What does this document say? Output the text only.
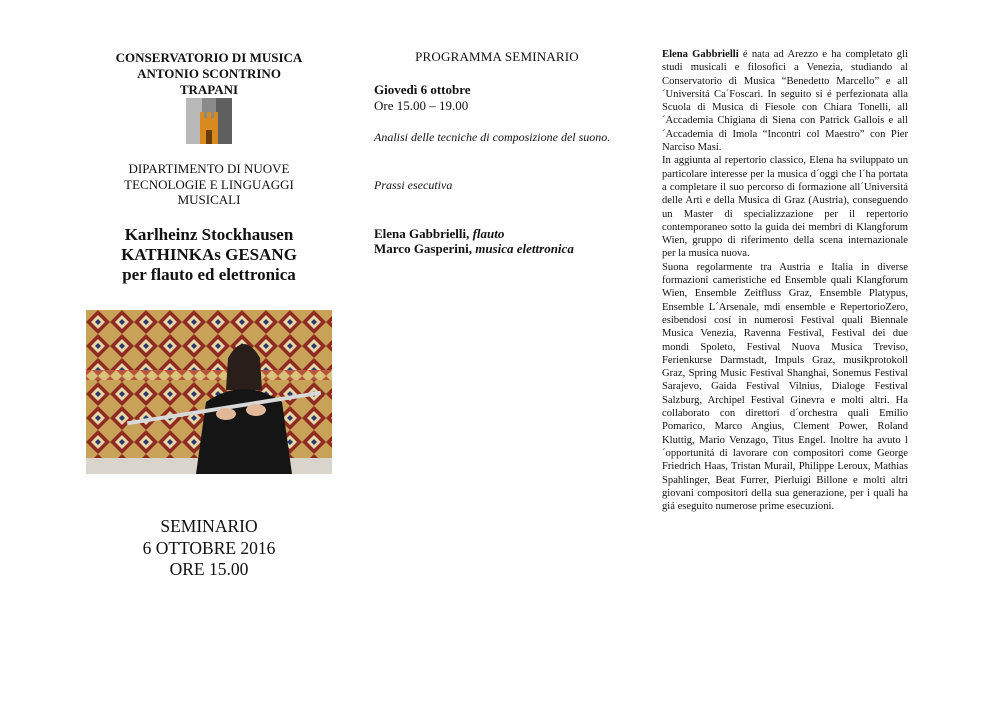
CONSERVATORIO DI MUSICA
ANTONIO SCONTRINO
TRAPANI
DIPARTIMENTO DI NUOVE
TECNOLOGIE E LINGUAGGI
MUSICALI
Karlheinz Stockhausen
KATHINKAs GESANG
per flauto ed elettronica
SEMINARIO
6 OTTOBRE 2016
ORE 15.00
PROGRAMMA SEMINARIO
Giovedì 6 ottobre
Ore 15.00 – 19.00
Analisi delle tecniche di composizione del suono.
Prassi esecutiva
Elena Gabbrielli, flauto
Marco Gasperini, musica elettronica

Elena Gabbrielli é nata ad Arezzo e ha completato gli studi musicali e filosofici a Venezia, studiando al Conservatorio di Musica “Benedetto Marcello” e all´Universitá Ca´Foscari. In seguito si é perfezionata alla Scuola di Musica di Fiesole con Chiara Tonelli, all´Accademia Chigiana di Siena con Patrick Gallois e all´Accademia di Imola “Incontri col Maestro” con Pier Narciso Masi.

In aggiunta al repertorio classico, Elena ha sviluppato un particolare interesse per la musica d´oggi che l´ha portata a completare il suo percorso di formazione all´Universitá delle Arti e della Musica di Graz (Austria), conseguendo un Master di specializzazione per il repertorio contemporaneo sotto la guida dei membri di Klangforum Wien, gruppo di riferimento della scena internazionale per la musica nuova.

Suona regolarmente tra Austria e Italia in diverse formazioni cameristiche ed Ensemble quali Klangforum Wien, Ensemble Zeitfluss Graz, Ensemble Platypus, Ensemble L´Arsenale, mdi ensemble e RepertorioZero, esibendosi cosí in numerosi Festival quali Biennale Musica Venezia, Ravenna Festival, Festival dei due mondi Spoleto, Festival Nuova Musica Treviso, Ferienkurse Darmstadt, Impuls Graz, musikprotokoll Graz, Spring Music Festival Shanghai, Sonemus Festival Sarajevo, Gaida Festival Vilnius, Dialoge Festival Salzburg, Archipel Festival Ginevra e molti altri. Ha collaborato con direttori d´orchestra quali Emilio Pomarico, Marco Angius, Clement Power, Roland Kluttig, Mario Venzago, Titus Engel. Inoltre ha avuto l´opportunitá di lavorare con compositori come George Friedrich Haas, Tristan Murail, Philippe Leroux, Mathias Spahlinger, Beat Furrer, Pierluigi Billone e molti altri giovani compositori della sua generazione, per i quali ha giá eseguito numerose prime esecuzioni.
